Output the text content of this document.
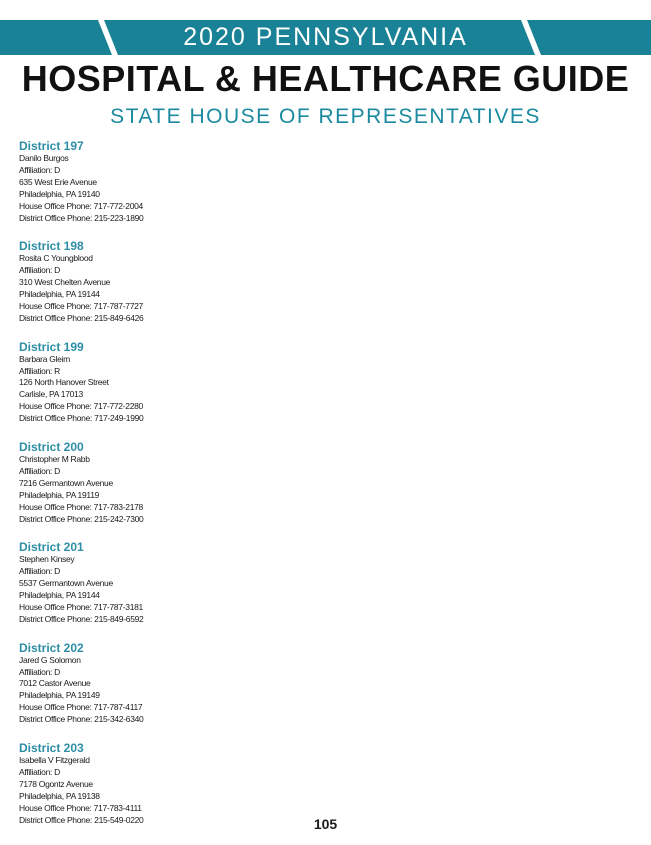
2020 PENNSYLVANIA
HOSPITAL & HEALTHCARE GUIDE
STATE HOUSE OF REPRESENTATIVES
District 197
Danilo Burgos
Affiliation: D
635 West Erie Avenue
Philadelphia, PA 19140
House Office Phone: 717-772-2004
District Office Phone: 215-223-1890
District 198
Rosita C Youngblood
Affiliation: D
310 West Chelten Avenue
Philadelphia, PA 19144
House Office Phone: 717-787-7727
District Office Phone: 215-849-6426
District 199
Barbara Gleim
Affiliation: R
126 North Hanover Street
Carlisle, PA 17013
House Office Phone: 717-772-2280
District Office Phone: 717-249-1990
District 200
Christopher M Rabb
Affiliation: D
7216 Germantown Avenue
Philadelphia, PA 19119
House Office Phone: 717-783-2178
District Office Phone: 215-242-7300
District 201
Stephen Kinsey
Affiliation: D
5537 Germantown Avenue
Philadelphia, PA 19144
House Office Phone: 717-787-3181
District Office Phone: 215-849-6592
District 202
Jared G Solomon
Affiliation: D
7012 Castor Avenue
Philadelphia, PA 19149
House Office Phone: 717-787-4117
District Office Phone: 215-342-6340
District 203
Isabella V Fitzgerald
Affiliation: D
7178 Ogontz Avenue
Philadelphia, PA 19138
House Office Phone: 717-783-4111
District Office Phone: 215-549-0220	105
